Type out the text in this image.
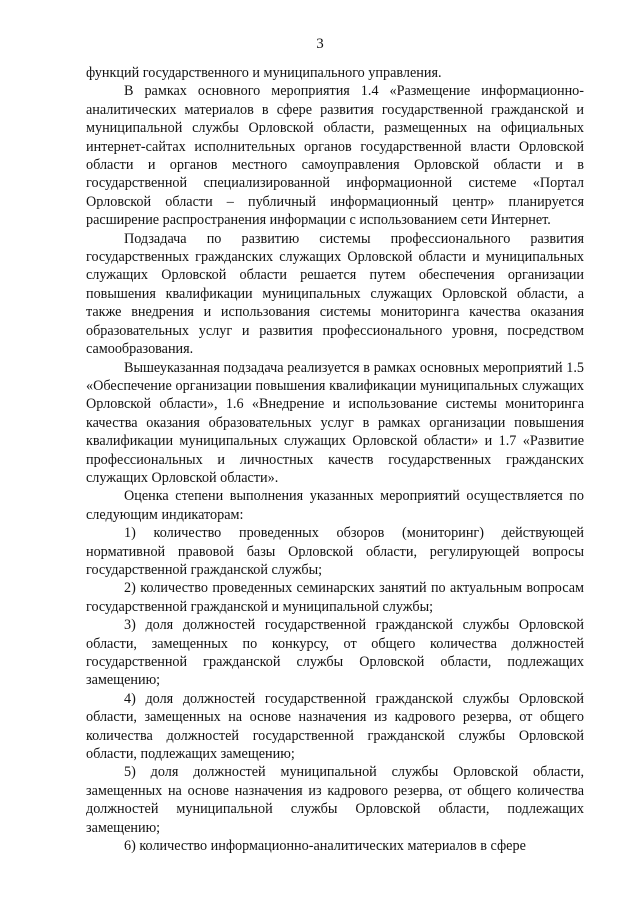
3

функций государственного и муниципального управления.

В рамках основного мероприятия 1.4 «Размещение информационно-аналитических материалов в сфере развития государственной гражданской и муниципальной службы Орловской области, размещенных на официальных интернет-сайтах исполнительных органов государственной власти Орловской области и органов местного самоуправления Орловской области и в государственной специализированной информационной системе «Портал Орловской области – публичный информационный центр» планируется расширение распространения информации с использованием сети Интернет.

Подзадача по развитию системы профессионального развития государственных гражданских служащих Орловской области и муниципальных служащих Орловской области решается путем обеспечения организации повышения квалификации муниципальных служащих Орловской области, а также внедрения и использования системы мониторинга качества оказания образовательных услуг и развития профессионального уровня, посредством самообразования.

Вышеуказанная подзадача реализуется в рамках основных мероприятий 1.5 «Обеспечение организации повышения квалификации муниципальных служащих Орловской области», 1.6 «Внедрение и использование системы мониторинга качества оказания образовательных услуг в рамках организации повышения квалификации муниципальных служащих Орловской области» и 1.7 «Развитие профессиональных и личностных качеств государственных гражданских служащих Орловской области».

Оценка степени выполнения указанных мероприятий осуществляется по следующим индикаторам:

1) количество проведенных обзоров (мониторинг) действующей нормативной правовой базы Орловской области, регулирующей вопросы государственной гражданской службы;

2) количество проведенных семинарских занятий по актуальным вопросам государственной гражданской и муниципальной службы;

3) доля должностей государственной гражданской службы Орловской области, замещенных по конкурсу, от общего количества должностей государственной гражданской службы Орловской области, подлежащих замещению;

4) доля должностей государственной гражданской службы Орловской области, замещенных на основе назначения из кадрового резерва, от общего количества должностей государственной гражданской службы Орловской области, подлежащих замещению;

5) доля должностей муниципальной службы Орловской области, замещенных на основе назначения из кадрового резерва, от общего количества должностей муниципальной службы Орловской области, подлежащих замещению;

6) количество информационно-аналитических материалов в сфере
